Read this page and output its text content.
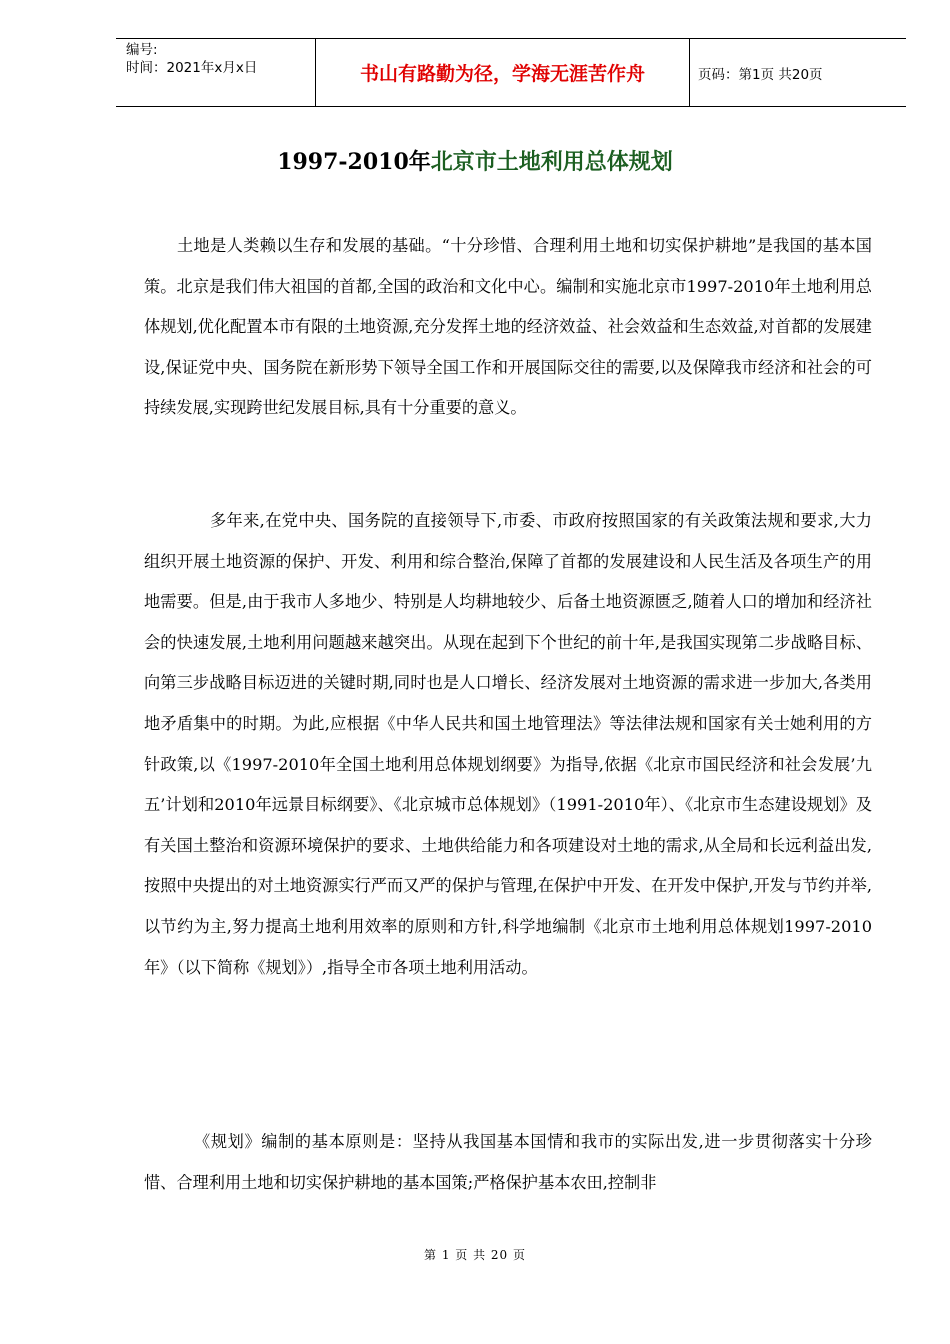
编号:
时间：2021年x月x日	书山有路勤为径，学海无涯苦作舟	页码：第1页 共20页
1997-2010年北京市土地利用总体规划

土地是人类赖以生存和发展的基础。“十分珍惜、合理利用土地和切实保护耕地”是我国的基本国策。北京是我们伟大祖国的首都,全国的政治和文化中心。编制和实施北京市1997-2010年土地利用总体规划,优化配置本市有限的土地资源,充分发挥土地的经济效益、社会效益和生态效益,对首都的发展建设,保证党中央、国务院在新形势下领导全国工作和开展国际交往的需要,以及保障我市经济和社会的可持续发展,实现跨世纪发展目标,具有十分重要的意义。

多年来,在党中央、国务院的直接领导下,市委、市政府按照国家的有关政策法规和要求,大力组织开展土地资源的保护、开发、利用和综合整治,保障了首都的发展建设和人民生活及各项生产的用地需要。但是,由于我市人多地少、特别是人均耕地较少、后备土地资源匮乏,随着人口的增加和经济社会的快速发展,土地利用问题越来越突出。从现在起到下个世纪的前十年,是我国实现第二步战略目标、向第三步战略目标迈进的关键时期,同时也是人口增长、经济发展对土地资源的需求进一步加大,各类用地矛盾集中的时期。为此,应根据《中华人民共和国土地管理法》等法律法规和国家有关士她利用的方针政策,以《1997-2010年全国土地利用总体规划纲要》为指导,依据《北京市国民经济和社会发展’九五’计划和2010年远景目标纲要》、《北京城市总体规划》（1991-2010年）、《北京市生态建设规划》及有关国土整治和资源环境保护的要求、土地供给能力和各项建设对土地的需求,从全局和长远利益出发,按照中央提出的对土地资源实行严而又严的保护与管理,在保护中开发、在开发中保护,开发与节约并举,以节约为主,努力提高土地利用效率的原则和方针,科学地编制《北京市土地利用总体规划1997-2010年》（以下简称《规划》）,指导全市各项土地利用活动。

《规划》编制的基本原则是：坚持从我国基本国情和我市的实际出发,进一步贯彻落实十分珍惜、合理利用土地和切实保护耕地的基本国策;严格保护基本农田,控制非

第 1 页 共 20 页
